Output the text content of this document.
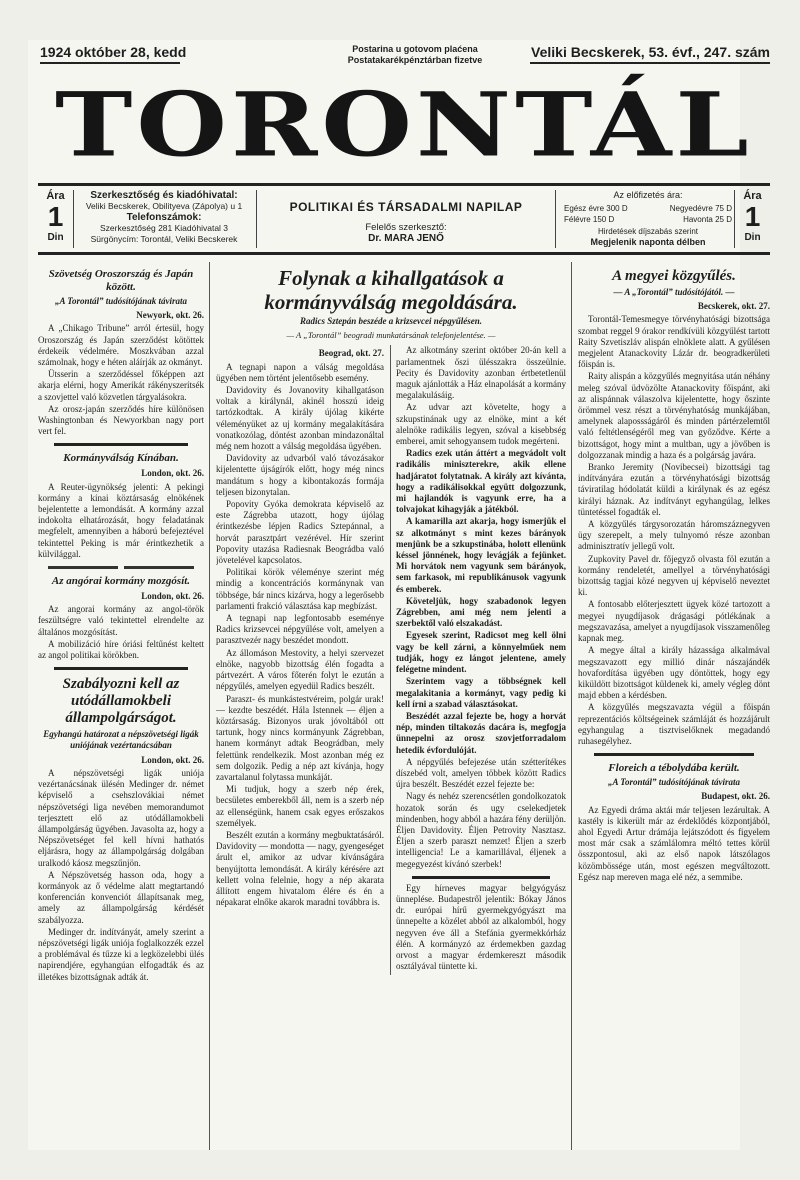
1924 október 28, kedd	Postarina u gotovom plaćena
Postatakarékpénztárban fizetve	Veliki Becskerek, 53. évf., 247. szám
TORONTÁL
Ára
1
Din
Szerkesztőség és kiadóhivatal:
Veliki Becskerek, Obilityeva (Zápolya) u 1
Telefonszámok:
Szerkesztőség 281 Kiadóhivatal 3
Sürgönycím: Torontál, Veliki Becskerek
POLITIKAI ÉS TÁRSADALMI NAPILAP
Felelős szerkesztő:
Dr. MARA JENŐ
Az előfizetés ára:
Egész évre 300 D	Negyedévre 75 D
Félévre 150 D	Havonta 25 D
Hirdetések díjszabás szerint
Megjelenik naponta délben
Ára
1
Din
Szövetség Oroszország és Japán között.
„A Torontál” tudósítójának távirata
Newyork, okt. 26.

A „Chikago Tribune” arról értesül, hogy Oroszország és Japán szerződést kötöttek érdekeik védelmére. Moszkvában azzal számolnak, hogy e héten aláírják az okmányt.

Ütsserin a szerződéssel főképpen azt akarja elérni, hogy Amerikát rákényszerítsék a szovjettel való közvetlen tárgyalásokra.

Az orosz-japán szerződés híre különösen Washingtonban és Newyorkban nagy port vert fel.

Kormányválság Kínában.
London, okt. 26.

A Reuter-ügynökség jelenti: A pekingi kormány a kínai köztársaság elnökének bejelentette a lemondását. A kormány azzal indokolta elhatározását, hogy feladatának megfelelt, amennyiben a háború befejeztével tekintettel Peking is már érintkezhetik a külvilággal.

Az angórai kormány mozgósít.
London, okt. 26.

Az angorai kormány az angol-török feszültségre való tekintettel elrendelte az általános mozgósítást.

A mobilizáció híre óriási feltűnést keltett az angol politikai körökben.

Szabályozni kell az utódállamokbeli állampolgárságot.
Egyhangú határozat a népszövetségi ligák uniójának vezértanácsában
London, okt. 26.

A népszövetségi ligák uniója vezértanácsának ülésén Medinger dr. német képviselő a csehszlovákiai német népszövetségi liga nevében memorandumot terjesztett elő az utódállamokbeli állampolgárság ügyében. Javasolta az, hogy a Népszövetséget fel kell hívni hathatós eljárásra, hogy az állampolgárság dolgában uralkodó káosz megszűnjön.

A Népszövetség hasson oda, hogy a kormányok az ő védelme alatt megtartandó konferencián konvenciót állapítsanak meg, amely az állampolgárság kérdését szabályozza.

Medinger dr. indítványát, amely szerint a népszövetségi ligák uniója foglalkozzék ezzel a problémával és tűzze ki a legközelebbi ülés napirendjére, egyhangúan elfogadták és az illetékes bizottságnak adták át.

Folynak a kihallgatások a kormányválság megoldására.
Radics Sztepán beszéde a krizsevcei népgyűlésen.
— A „Torontál” beogradi munkatársának telefonjelentése. —
Beograd, okt. 27.

A tegnapi napon a válság megoldása ügyében nem történt jelentősebb esemény.

Davidovity és Jovanovity kihallgatáson voltak a királynál, akinél hosszú ideig tartózkodtak. A király újólag kikérte véleményüket az uj kormány megalakítására vonatkozólag, döntést azonban mindazonáltal még nem hozott a válság megoldása ügyében.

Davidovity az udvarból való távozásakor kijelentette újságírók előtt, hogy még nincs mandátum s hogy a kibontakozás formája teljesen bizonytalan.

Popovity Gyóka demokrata képviselő az este Zágrebba utazott, hogy újólag érintkezésbe lépjen Radics Sztepánnal, a horvát parasztpárt vezérével. Hír szerint Popovity utazása Radiesnak Beográdba való jövetelével kapcsolatos.

Politikai körök véleménye szerint még mindig a koncentrációs kormánynak van többsége, bár nincs kizárva, hogy a legerősebb parlamenti frakció választása kap megbízást.

A tegnapi nap legfontosabb eseménye Radics krizsevcei népgyűlése volt, amelyen a parasztvezér nagy beszédet mondott.

Az állomáson Mestovity, a helyi szervezet elnöke, nagyobb bizottság élén fogadta a pártvezért. A város főterén folyt le ezután a népgyűlés, amelyen egyedül Radics beszélt.

Paraszt- és munkástestvéreim, polgár urak! — kezdte beszédét. Hála Istennek — éljen a köztársaság. Bizonyos urak jóvoltából ott tartunk, hogy nincs kormányunk Zágrebban, hanem kormányt adtak Beográdban, mely felettünk rendelkezik. Most azonban még ez sem dolgozik. Pedig a nép azt kívánja, hogy zavartalanul folytassa munkáját.

Mi tudjuk, hogy a szerb nép érek, becsületes emberekből áll, nem is a szerb nép az ellenségünk, hanem csak egyes erőszakos személyek.

Beszélt ezután a kormány megbuktatásáról. Davidovity — mondotta — nagy, gyengeséget árult el, amikor az udvar kívánságára benyújtotta lemondását. A király kérésére azt kellett volna felelnie, hogy a nép akarata állított engem hivatalom élére és én a népakarat elnőke akarok maradni továbbra is.

Az alkotmány szerint október 20-án kell a parlamentnek őszi ülésszakra összeülnie. Pecity és Davidovity azonban értbetetlenül maguk ajánlották a Ház elnapolását a kormány megalakulásáig.

Az udvar azt követelte, hogy a szkupstinának ugy az elnöke, mint a két alelnöke radikális legyen, szóval a kisebbség emberei, amit sehogyansem tudok megérteni.

Radics ezek után áttért a megvádolt volt radikális miniszterekre, akik ellene hadjáratot folytatnak. A király azt kívánta, hogy a radikálisokkal együtt dolgozzunk, mi hajlandók is vagyunk erre, ha a tolvajokat kihagyják a játékból.

A kamarilla azt akarja, hogy ismerjük el sz alkotmányt s mint kezes bárányok menjünk be a szkupstinába, holott ellenünk késsel jönnének, hogy levágják a fejünket. Mi horvátok nem vagyunk sem bárányok, sem farkasok, mi republikánusok vagyunk és emberek.

Követeljük, hogy szabadonok legyen Zágrebben, ami még nem jelenti a szerbektől való elszakadást.

Egyesek szerint, Radicsot meg kell ölni vagy be kell zárni, a könnyelműek nem tudják, hogy ez lángot jelentene, amely felégetne mindent.

Szerintem vagy a többségnek kell megalakitania a kormányt, vagy pedig ki kell írni a szabad választásokat.

Beszédét azzal fejezte be, hogy a horvát nép, minden tiltakozás dacára is, megfogja ünnepelni az orosz szovjetforradalom hetedik évfordulóját.

A népgyűlés befejezése után szétterítékes díszebéd volt, amelyen többek között Radics újra beszélt. Beszédét ezzel fejezte be:

Nagy és nehéz szerencsétlen gondolkozatok hozatok során és ugy cselekedjetek mindenben, hogy abból a hazára fény derüljön. Éljen Davidovity. Éljen Petrovity Nasztasz. Éljen a szerb paraszt nemzet! Éljen a szerb intelligencia! Le a kamarillával, éljenek a megegyezést kívánó szerbek!

Egy hírneves magyar belgyógyász ünneplése. Budapestről jelentik: Bókay János dr. európai hírű gyermekgyógyászt ma ünnepelte a közélet abból az alkalomból, hogy negyven éve áll a Stefánia gyermekkórház élén. A kormányzó az érdemekben gazdag orvost a magyar érdemkereszt második osztályával tüntette ki.

A megyei közgyűlés.
— A „Torontál” tudósítójától. —
Becskerek, okt. 27.

Torontál-Temesmegye törvényhatósági bizottsága szombat reggel 9 órakor rendkívüli közgyűlést tartott Raity Szvetiszláv alispán elnöklete alatt. A gyűlésen megjelent Atanackovity Lázár dr. beogradkerületi főispán is.

Raity alispán a közgyűlés megnyitása után néhány meleg szóval üdvözölte Atanackovity főispánt, aki az alispánnak válaszolva kijelentette, hogy őszinte örömmel vesz részt a törvényhatóság munkájában, amelynek alapossságáról és minden pártérzelemtől való feltétlenségéről meg van győződve. Kérte a bizottságot, hogy mint a multban, ugy a jövőben is dolgozzanak mindig a haza és a polgárság javára.

Branko Jeremity (Novibecsei) bizottsági tag indítványára ezután a törvényhatósági bizottság táviratilag hódolatát küldi a királynak és az egész királyi háznak. Az indítványt egyhangúlag, lelkes tüntetéssel fogadták el.

A közgyűlés tárgysorozatán háromszáznegyven ügy szerepelt, a mely tulnyomó része azonban adminisztratív jellegű volt.

Zupkovity Pavel dr. főjegyző olvasta föl ezután a kormány rendeletét, amellyel a törvényhatósági bizottság tagjai közé negyven uj képviselő neveztet ki.

A fontosabb előterjesztett ügyek közé tartozott a megyei nyugdíjasok drágasági pótlékának a megszavazása, amelyet a nyugdíjasok visszamenőleg kapnak meg.

A megye által a király házassága alkalmával megszavazott egy millió dinár nászajándék hovafordítása ügyében ugy döntöttek, hogy egy kiküldött bizottságot küldenek ki, amely végleg dönt majd ebben a kérdésben.

A közgyűlés megszavazta végül a főispán reprezentációs költségeinek számláját és hozzájárult egyhangulag a tisztviselőknek megadandó ruhasegélyhez.

Floreich a tébolydába került.
„A Torontál” tudósítójának távirata
Budapest, okt. 26.

Az Egyedi dráma aktái már teljesen lezárultak. A kastély is kikerült már az érdeklődés központjából, ahol Egyedi Artur drámája lejátszódott és figyelem most már csak a számlálomra méltó tettes körül összpontosul, aki az első napok látszólagos közömbössége után, most egészen megváltozott. Egész nap mereven maga elé néz, a semmibe.
